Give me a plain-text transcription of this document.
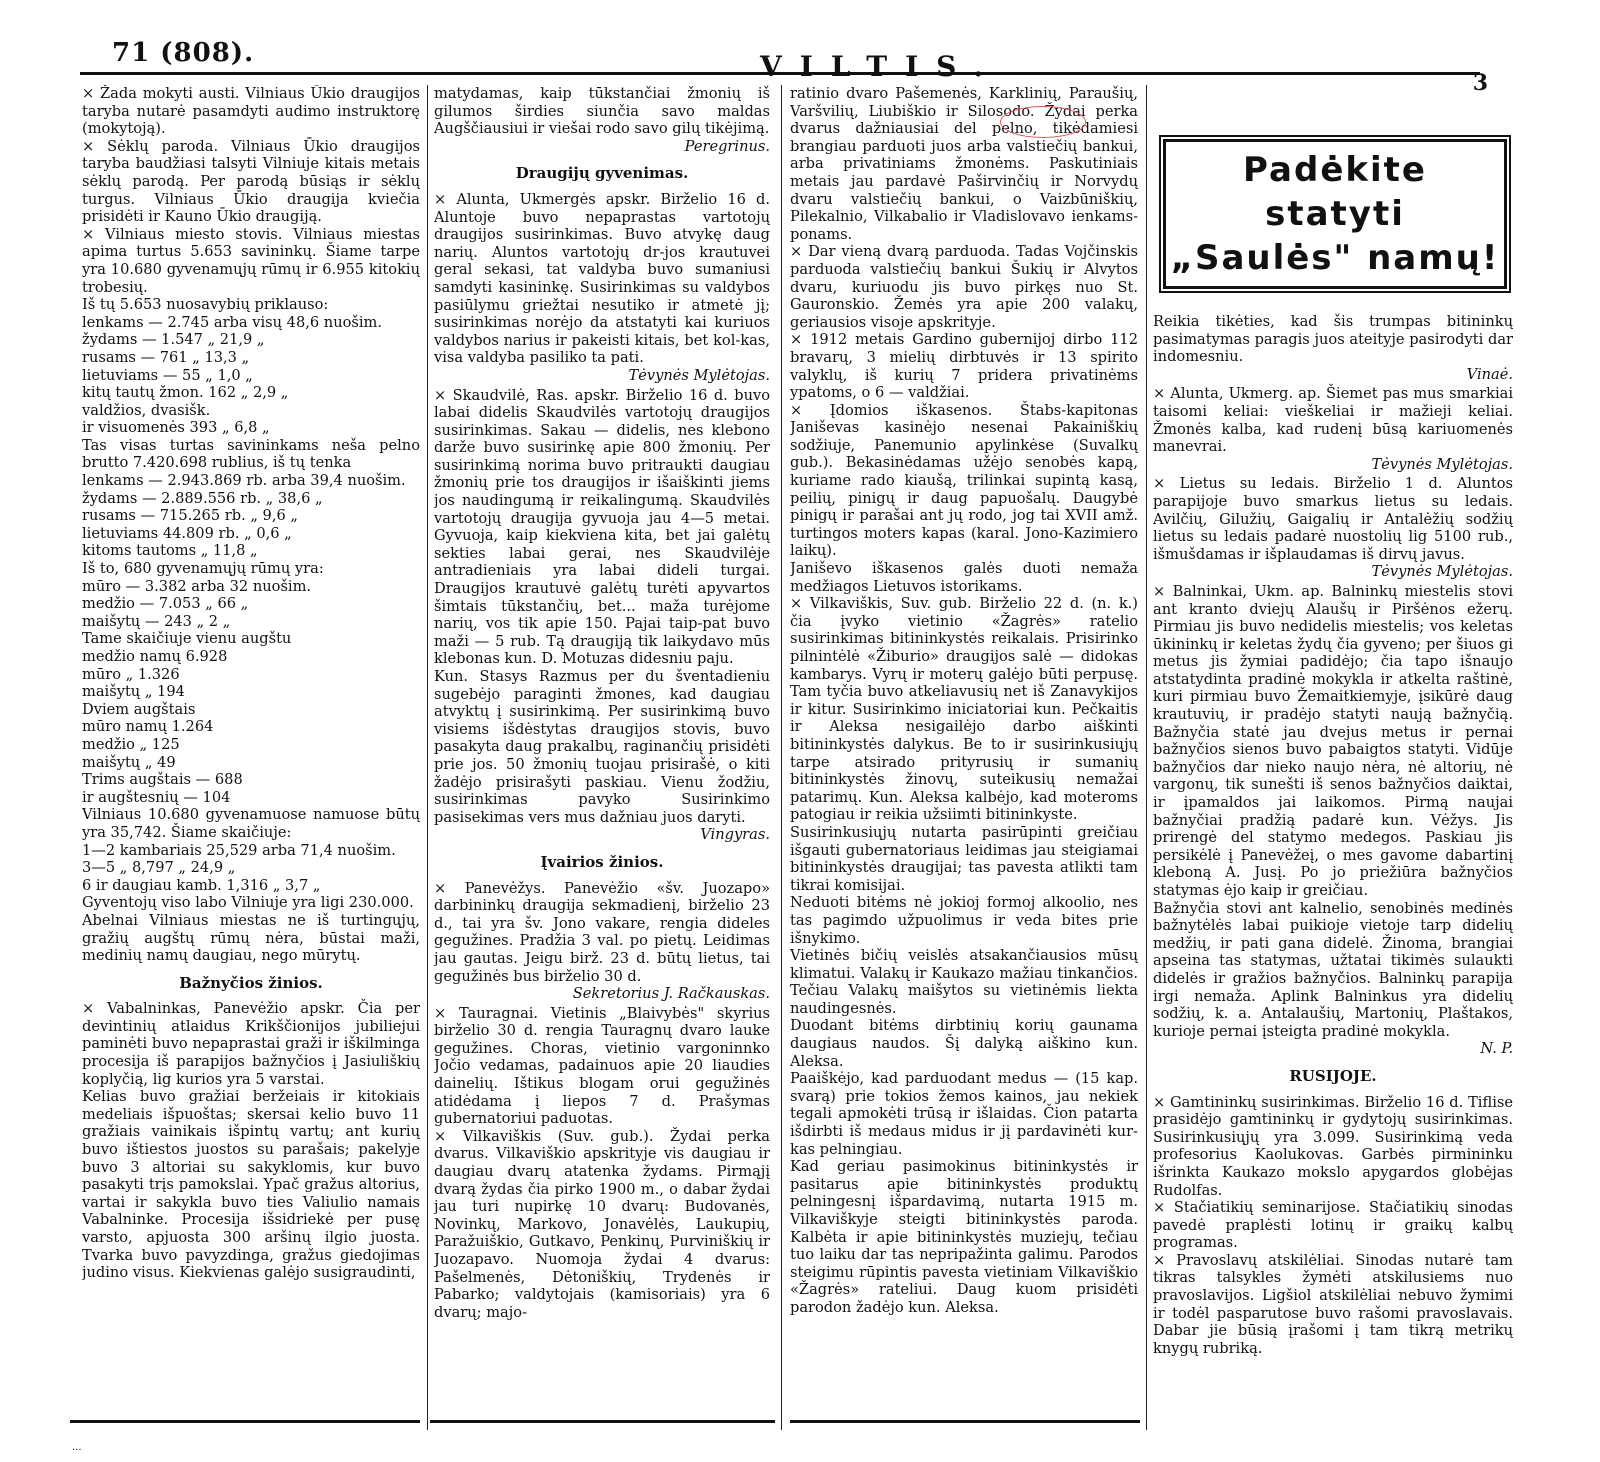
71 (808).	VILTIS.	3

× Žada mokyti austi. Vilniaus Ūkio draugijos taryba nutarė pasamdyti audimo instruktorę (mokytoją).

× Sėklų paroda. Vilniaus Ūkio draugijos taryba baudžiasi talsyti Vilniuje kitais metais sėklų parodą. Per parodą būsiąs ir sėklų turgus. Vilniaus Ūkio draugija kviečia prisidėti ir Kauno Ūkio draugiją.

× Vilniaus miesto stovis. Vilniaus miestas apima turtus 5.653 savininkų. Šiame tarpe yra 10.680 gyvenamųjų rūmų ir 6.955 kitokių trobesių.

Iš tų 5.653 nuosavybių priklauso:
lenkams — 2.745 arba visų 48,6 nuošim.
žydams — 1.547 „ 21,9 „
rusams — 761 „ 13,3 „
lietuviams — 55 „ 1,0 „
kitų tautų žmon. 162 „ 2,9 „
valdžios, dvasišk.
ir visuomenės 393 „ 6,8 „

Tas visas turtas savininkams neša pelno brutto 7.420.698 rublius, iš tų tenka
lenkams — 2.943.869 rb. arba 39,4 nuošim.
žydams — 2.889.556 rb. „ 38,6 „
rusams — 715.265 rb. „ 9,6 „
lietuviams 44.809 rb. „ 0,6 „
kitoms tautoms „ 11,8 „

Iš to, 680 gyvenamųjų rūmų yra:
mūro — 3.382 arba 32 nuošim.
medžio — 7.053 „ 66 „
maišytų — 243 „ 2 „

Tame skaičiuje vienu augštu
medžio namų 6.928
mūro „ 1.326
maišytų „ 194
Dviem augštais
mūro namų 1.264
medžio „ 125
maišytų „ 49
Trims augštais — 688
ir augštesnių — 104

Vilniaus 10.680 gyvenamuose namuose būtų yra 35,742. Šiame skaičiuje:
1—2 kambariais 25,529 arba 71,4 nuošim.
3—5 „ 8,797 „ 24,9 „
6 ir daugiau kamb. 1,316 „ 3,7 „

Gyventojų viso labo Vilniuje yra ligi 230.000.

Abelnai Vilniaus miestas ne iš turtingųjų, gražių augštų rūmų nėra, būstai maži, medinių namų daugiau, nego mūrytų.

Bažnyčios žinios.

× Vabalninkas, Panevėžio apskr. Čia per devintinių atlaidus Krikščionijos jubiliejui paminėti buvo nepaprastai graži ir iškilminga procesija iš parapijos bažnyčios į Jasiuliškių koplyčią, lig kurios yra 5 varstai.

Kelias buvo gražiai beržeiais ir kitokiais medeliais išpuoštas; skersai kelio buvo 11 gražiais vainikais išpintų vartų; ant kurių buvo ištiestos juostos su parašais; pakelyje buvo 3 altoriai su sakyklomis, kur buvo pasakyti trįs pamokslai. Ypač gražus altorius, vartai ir sakykla buvo ties Valiulio namais Vabalninke. Procesija išsidriekė per pusę varsto, apjuosta 300 aršinų ilgio juosta. Tvarka buvo pavyzdinga, gražus giedojimas judino visus. Kiekvienas galėjo susigraudinti,

matydamas, kaip tūkstančiai žmonių iš gilumos širdies siunčia savo maldas Augščiausiui ir viešai rodo savo gilų tikėjimą.

Peregrinus.

Draugijų gyvenimas.

× Alunta, Ukmergės apskr. Birželio 16 d. Aluntoje buvo nepaprastas vartotojų draugijos susirinkimas. Buvo atvykę daug narių. Aluntos vartotojų dr-jos krautuvei geral sekasi, tat valdyba buvo sumaniusi samdyti kasininkę. Susirinkimas su valdybos pasiūlymu griežtai nesutiko ir atmetė jį; susirinkimas norėjo da atstatyti kai kuriuos valdybos narius ir pakeisti kitais, bet kol-kas, visa valdyba pasiliko ta pati.

Tėvynės Mylėtojas.

× Skaudvilė, Ras. apskr. Birželio 16 d. buvo labai didelis Skaudvilės vartotojų draugijos susirinkimas. Sakau — didelis, nes klebono darže buvo susirinkę apie 800 žmonių. Per susirinkimą norima buvo pritraukti daugiau žmonių prie tos draugijos ir išaiškinti jiems jos naudingumą ir reikalingumą. Skaudvilės vartotojų draugija gyvuoja jau 4—5 metai. Gyvuoja, kaip kiekviena kita, bet jai galėtų sekties labai gerai, nes Skaudvilėje antradieniais yra labai dideli turgai. Draugijos krautuvė galėtų turėti apyvartos šimtais tūkstančių, bet... maža turėjome narių, vos tik apie 150. Pajai taip-pat buvo maži — 5 rub. Tą draugiją tik laikydavo mūs klebonas kun. D. Motuzas didesniu paju.

Kun. Stasys Razmus per du šventadieniu sugebėjo paraginti žmones, kad daugiau atvyktų į susirinkimą. Per susirinkimą buvo visiems išdėstytas draugijos stovis, buvo pasakyta daug prakalbų, raginančių prisidėti prie jos. 50 žmonių tuojau prisirašė, o kiti žadėjo prisirašyti paskiau. Vienu žodžiu, susirinkimas pavyko Susirinkimo pasisekimas vers mus dažniau juos daryti.

Vingyras.

Įvairios žinios.

× Panevėžys. Panevėžio «šv. Juozapo» darbininkų draugija sekmadienį, birželio 23 d., tai yra šv. Jono vakare, rengia dideles gegužines. Pradžia 3 val. po pietų. Leidimas jau gautas. Jeigu birž. 23 d. būtų lietus, tai gegužinės bus birželio 30 d.

Sekretorius J. Račkauskas.

× Tauragnai. Vietinis „Blaivybės" skyrius birželio 30 d. rengia Tauragnų dvaro lauke gegužines. Choras, vietinio vargoninnko Jočio vedamas, padainuos apie 20 liaudies dainelių. Ištikus blogam orui gegužinės atidėdama į liepos 7 d. Prašymas gubernatoriui paduotas.

× Vilkaviškis (Suv. gub.). Žydai perka dvarus. Vilkaviškio apskrityje vis daugiau ir daugiau dvarų atatenka žydams. Pirmąjį dvarą žydas čia pirko 1900 m., o dabar žydai jau turi nupirkę 10 dvarų: Budovanės, Novinkų, Markovo, Jonavėlės, Laukupių, Paražuiškio, Gutkavo, Penkinų, Purviniškių ir Juozapavo. Nuomoja žydai 4 dvarus: Pašelmenės, Dėtoniškių, Trydenės ir Pabarko; valdytojais (kamisoriais) yra 6 dvarų; majo-

ratinio dvaro Pašemenės, Karklinių, Paraušių, Varšvilių, Liubiškio ir Silosodo. Žydai perka dvarus dažniausiai del pelno, tikėdamiesi brangiau parduoti juos arba valstiečių bankui, arba privatiniams žmonėms. Paskutiniais metais jau pardavė Paširvinčių ir Norvydų dvaru valstiečių bankui, o Vaizbūniškių, Pilekalnio, Vilkabalio ir Vladislovavo ienkams-ponams.

× Dar vieną dvarą parduoda. Tadas Vojčinskis parduoda valstiečių bankui Šukių ir Alvytos dvaru, kuriuodu jis buvo pirkęs nuo St. Gauronskio. Žemės yra apie 200 valakų, geriausios visoje apskrityje.

× 1912 metais Gardino gubernijoj dirbo 112 bravarų, 3 mielių dirbtuvės ir 13 spirito valyklų, iš kurių 7 pridera privatinėms ypatoms, o 6 — valdžiai.

× Įdomios iškasenos. Štabs-kapitonas Janiševas kasinėjo nesenai Pakainiškių sodžiuje, Panemunio apylinkėse (Suvalkų gub.). Bekasinėdamas užėjo senobės kapą, kuriame rado kiaušą, trilinkai supintą kasą, peilių, pinigų ir daug papuošalų. Daugybė pinigų ir parašai ant jų rodo, jog tai XVII amž. turtingos moters kapas (karal. Jono-Kazimiero laikų).

Janiševo iškasenos galės duoti nemaža medžiagos Lietuvos istorikams.

× Vilkaviškis, Suv. gub. Birželio 22 d. (n. k.) čia įvyko vietinio «Žagrės» ratelio susirinkimas bitininkystės reikalais. Prisirinko pilnintėlė «Žiburio» draugijos salė — didokas kambarys. Vyrų ir moterų galėjo būti perpusę. Tam tyčia buvo atkeliavusių net iš Zanavykijos ir kitur. Susirinkimo iniciatoriai kun. Pečkaitis ir Aleksa nesigailėjo darbo aiškinti bitininkystės dalykus. Be to ir susirinkusiųjų tarpe atsirado prityrusių ir sumanių bitininkystės žinovų, suteikusių nemažai patarimų. Kun. Aleksa kalbėjo, kad moteroms patogiau ir reikia užsiimti bitininkyste.

Susirinkusiųjų nutarta pasirūpinti greičiau išgauti gubernatoriaus leidimas jau steigiamai bitininkystės draugijai; tas pavesta atlikti tam tikrai komisijai.

Neduoti bitėms nė jokioj formoj alkoolio, nes tas pagimdo užpuolimus ir veda bites prie išnykimo.

Vietinės bičių veislės atsakančiausios mūsų klimatui. Valakų ir Kaukazo mažiau tinkančios. Tečiau Valakų maišytos su vietinėmis liekta naudingesnės.

Duodant bitėms dirbtinių korių gaunama daugiaus naudos. Šį dalyką aiškino kun. Aleksa.

Paaiškėjo, kad parduodant medus — (15 kap. svarą) prie tokios žemos kainos, jau nekiek tegali apmokėti trūsą ir išlaidas. Čion patarta išdirbti iš medaus midus ir jį pardavinėti kur-kas pelningiau.

Kad geriau pasimokinus bitininkystės ir pasitarus apie bitininkystės produktų pelningesnį išpardavimą, nutarta 1915 m. Vilkaviškyje steigti bitininkystės paroda. Kalbėta ir apie bitininkystės muziejų, tečiau tuo laiku dar tas nepripažinta galimu. Parodos steigimu rūpintis pavesta vietiniam Vilkaviškio «Žagrės» rateliui. Daug kuom prisidėti parodon žadėjo kun. Aleksa.

Padėkite statyti
„Saulės" namų!

Reikia tikėties, kad šis trumpas bitininkų pasimatymas paragis juos ateityje pasirodyti dar indomesniu.

Vinaė.

× Alunta, Ukmerg. ap. Šiemet pas mus smarkiai taisomi keliai: vieškeliai ir mažieji keliai. Žmonės kalba, kad rudenį būsą kariuomenės manevrai.

Tėvynės Mylėtojas.

× Lietus su ledais. Birželio 1 d. Aluntos parapijoje buvo smarkus lietus su ledais. Avilčių, Gilužių, Gaigalių ir Antalėžių sodžių lietus su ledais padarė nuostolių lig 5100 rub., išmušdamas ir išplaudamas iš dirvų javus.

Tėvynės Mylėtojas.

× Balninkai, Ukm. ap. Balninkų miestelis stovi ant kranto dviejų Alaušų ir Piršėnos ežerų. Pirmiau jis buvo nedidelis miestelis; vos keletas ūkininkų ir keletas žydų čia gyveno; per šiuos gi metus jis žymiai padidėjo; čia tapo išnaujo atstatydinta pradinė mokykla ir atkelta raštinė, kuri pirmiau buvo Žemaitkiemyje, įsikūrė daug krautuvių, ir pradėjo statyti naują bažnyčią. Bažnyčia statė jau dvejus metus ir pernai bažnyčios sienos buvo pabaigtos statyti. Vidūje bažnyčios dar nieko naujo nėra, nė altorių, nė vargonų, tik sunešti iš senos bažnyčios daiktai, ir įpamaldos jai laikomos. Pirmą naujai bažnyčiai pradžią padarė kun. Vėžys. Jis prirengė del statymo medegos. Paskiau jis persikėlė į Panevėžeį, o mes gavome dabartinį kleboną A. Jusį. Po jo priežiūra bažnyčios statymas ėjo kaip ir greičiau.

Bažnyčia stovi ant kalnelio, senobinės medinės bažnytėlės labai puikioje vietoje tarp didelių medžių, ir pati gana didelė. Žinoma, brangiai apseina tas statymas, užtatai tikimės sulaukti didelės ir gražios bažnyčios. Balninkų parapija irgi nemaža. Aplink Balninkus yra didelių sodžių, k. a. Antalaušių, Martonių, Plaštakos, kurioje pernai įsteigta pradinė mokykla.

N. P.

RUSIJOJE.

× Gamtininkų susirinkimas. Birželio 16 d. Tiflise prasidėjo gamtininkų ir gydytojų susirinkimas. Susirinkusiųjų yra 3.099. Susirinkimą veda profesorius Kaolukovas. Garbės pirmininku išrinkta Kaukazo mokslo apygardos globėjas Rudolfas.

× Stačiatikių seminarijose. Stačiatikių sinodas pavedė praplėsti lotinų ir graikų kalbų programas.

× Pravoslavų atskilėliai. Sinodas nutarė tam tikras talsykles žymėti atskilusiems nuo pravoslavijos. Ligšiol atskilėliai nebuvo žymimi ir todėl pasparutose buvo rašomi pravoslavais. Dabar jie būsią įrašomi į tam tikrą metrikų knygų rubriką.

...
